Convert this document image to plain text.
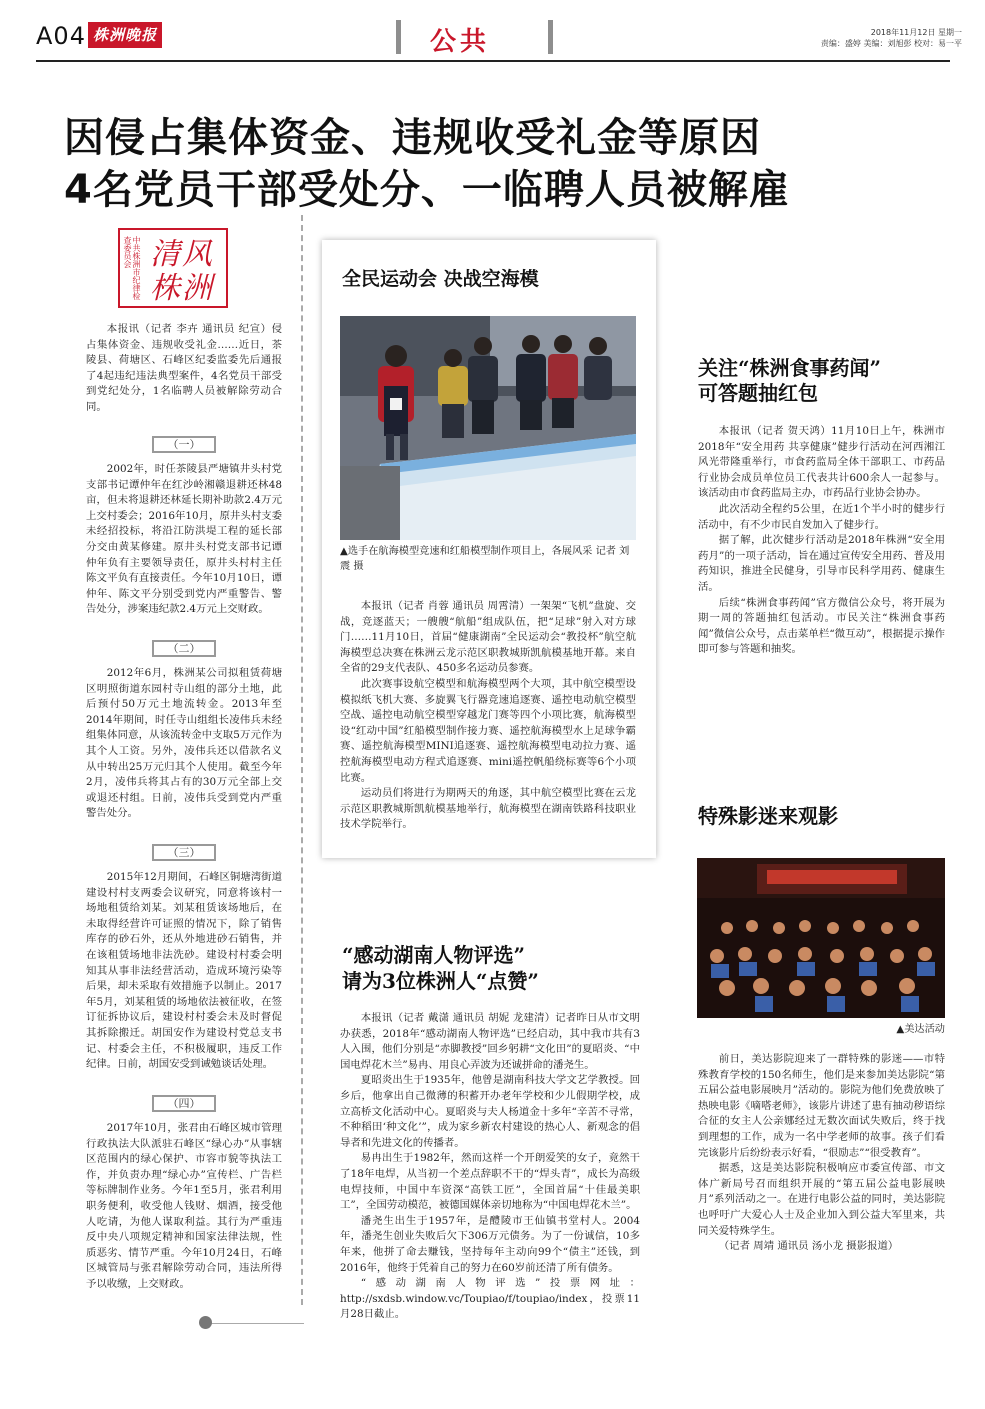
A04 株洲晚报	公共	2018年11月12日 星期一
责编：盛婷 美编：刘旭彭 校对：易一平
因侵占集体资金、违规收受礼金等原因
4名党员干部受处分、一临聘人员被解雇
中共株洲市纪律检查委员会 清风株洲

本报讯（记者 李卉 通讯员 纪宣）侵占集体资金、违规收受礼金……近日，茶陵县、荷塘区、石峰区纪委监委先后通报了4起违纪违法典型案件，4名党员干部受到党纪处分，1名临聘人员被解除劳动合同。

（一）

2002年，时任茶陵县严塘镇井头村党支部书记谭仲年在红沙岭湘赣退耕还林48亩，但未将退耕还林延长期补助款2.4万元上交村委会；2016年10月，原井头村支委未经招投标，将沿江防洪堤工程的延长部分交由黄某修建。原井头村党支部书记谭仲年负有主要领导责任，原井头村村主任陈文平负有直接责任。今年10月10日，谭仲年、陈文平分别受到党内严重警告、警告处分，涉案违纪款2.4万元上交财政。

（二）

2012年6月，株洲某公司拟租赁荷塘区明照街道东园村寺山组的部分土地，此后预付50万元土地流转金。2013年至2014年期间，时任寺山组组长凌伟兵未经组集体同意，从该流转金中支取5万元作为其个人工资。另外，凌伟兵还以借款名义从中转出25万元归其个人使用。截至今年2月，凌伟兵将其占有的30万元全部上交或退还村组。日前，凌伟兵受到党内严重警告处分。

（三）

2015年12月期间，石峰区铜塘湾街道建设村村支两委会议研究，同意将该村一场地租赁给刘某。刘某租赁该场地后，在未取得经营许可证照的情况下，除了销售库存的砂石外，还从外地进砂石销售，并在该租赁场地非法洗砂。建设村村委会明知其从事非法经营活动，造成环境污染等后果，却未采取有效措施予以制止。2017年5月，刘某租赁的场地依法被征收，在签订征拆协议后，建设村村委会未及时督促其拆除搬迁。胡国安作为建设村党总支书记、村委会主任，不积极履职，违反工作纪律。日前，胡国安受到诫勉谈话处理。

（四）

2017年10月，张君由石峰区城市管理行政执法大队派驻石峰区“绿心办”从事辖区范围内的绿心保护、市容市貌等执法工作，并负责办理“绿心办”宣传栏、广告栏等标牌制作业务。今年1至5月，张君利用职务便利，收受他人钱财、烟酒，接受他人吃请，为他人谋取利益。其行为严重违反中央八项规定精神和国家法律法规，性质恶劣、情节严重。今年10月24日，石峰区城管局与张君解除劳动合同，违法所得予以收缴，上交财政。

全民运动会 决战空海模
▲选手在航海模型竞速和红船模型制作项目上，各展风采 记者 刘震 摄

本报讯（记者 肖蓉 通讯员 周霄清）一架架“飞机”盘旋、交战，竞逐蓝天；一艘艘“航船”组成队伍，把“足球”射入对方球门……11月10日，首届“健康湖南”全民运动会“教投杯”航空航海模型总决赛在株洲云龙示范区职教城斯凯航模基地开幕。来自全省的29支代表队、450多名运动员参赛。

此次赛事设航空模型和航海模型两个大项，其中航空模型设模拟纸飞机大赛、多旋翼飞行器竞速追逐赛、遥控电动航空模型空战、遥控电动航空模型穿越龙门赛等四个小项比赛，航海模型设“红动中国”红船模型制作接力赛、遥控航海模型水上足球争霸赛、遥控航海模型MINI追逐赛、遥控航海模型电动拉力赛、遥控航海模型电动方程式追逐赛、mini遥控帆船绕标赛等6个小项比赛。

运动员们将进行为期两天的角逐，其中航空模型比赛在云龙示范区职教城斯凯航模基地举行，航海模型在湖南铁路科技职业技术学院举行。

“感动湖南人物评选”
请为3位株洲人“点赞”

本报讯（记者 戴潇 通讯员 胡妮 龙建清）记者昨日从市文明办获悉，2018年“感动湖南人物评选”已经启动，其中我市共有3人入围，他们分别是“赤脚教授”回乡躬耕“文化田”的夏昭炎、“中国电焊花木兰”易冉、用良心弄波为还诚拼命的潘尧生。

夏昭炎出生于1935年，他曾是湖南科技大学文艺学教授。回乡后，他拿出自己微薄的积蓄开办老年学校和少儿假期学校，成立高桥文化活动中心。夏昭炎与夫人杨道金十多年“辛苦不寻常，不种稻田‘种文化’”，成为家乡新农村建设的热心人、新观念的倡导者和先进文化的传播者。

易冉出生于1982年，然而这样一个开朗爱笑的女子，竟然干了18年电焊，从当初一个差点辞职不干的“焊头青”，成长为高级电焊技师，中国中车资深“高铁工匠”，全国首届“十佳最美职工”，全国劳动模范，被德国媒体亲切地称为“中国电焊花木兰”。

潘尧生出生于1957年，是醴陵市王仙镇书堂村人。2004年，潘尧生创业失败后欠下306万元债务。为了一份诚信，10多年来，他拼了命去赚钱，坚持每年主动向99个“债主”还钱，到2016年，他终于凭着自己的努力在60岁前还清了所有债务。

“感动湖南人物评选”投票网址：http://sxdsb.window.vc/Toupiao/f/toupiao/index，投票11月28日截止。

关注“株洲食事药闻”
可答题抽红包

本报讯（记者 贺天鸿）11月10日上午，株洲市2018年“安全用药 共享健康”健步行活动在河西湘江风光带隆重举行，市食药监局全体干部职工、市药品行业协会成员单位员工代表共计600余人一起参与。该活动由市食药监局主办，市药品行业协会协办。

此次活动全程约5公里，在近1个半小时的健步行活动中，有不少市民自发加入了健步行。

据了解，此次健步行活动是2018年株洲“安全用药月”的一项子活动，旨在通过宣传安全用药、普及用药知识，推进全民健身，引导市民科学用药、健康生活。

后续“株洲食事药闻”官方微信公众号，将开展为期一周的答题抽红包活动。市民关注“株洲食事药闻”微信公众号，点击菜单栏“微互动”，根据提示操作即可参与答题和抽奖。

特殊影迷来观影
▲美达活动

前日，美达影院迎来了一群特殊的影迷——市特殊教育学校的150名师生，他们是来参加美达影院“第五届公益电影展映月”活动的。影院为他们免费放映了热映电影《嘀嗒老师》，该影片讲述了患有抽动秽语综合征的女主人公亲娜经过无数次面试失败后，终于找到理想的工作，成为一名中学老师的故事。孩子们看完该影片后纷纷表示好看，“很励志”“很受教育”。

据悉，这是美达影院积极响应市委宣传部、市文体广新局号召而组织开展的“第五届公益电影展映月”系列活动之一。在进行电影公益的同时，美达影院也呼吁广大爱心人士及企业加入到公益大军里来，共同关爱特殊学生。

（记者 周靖 通讯员 汤小龙 摄影报道）
